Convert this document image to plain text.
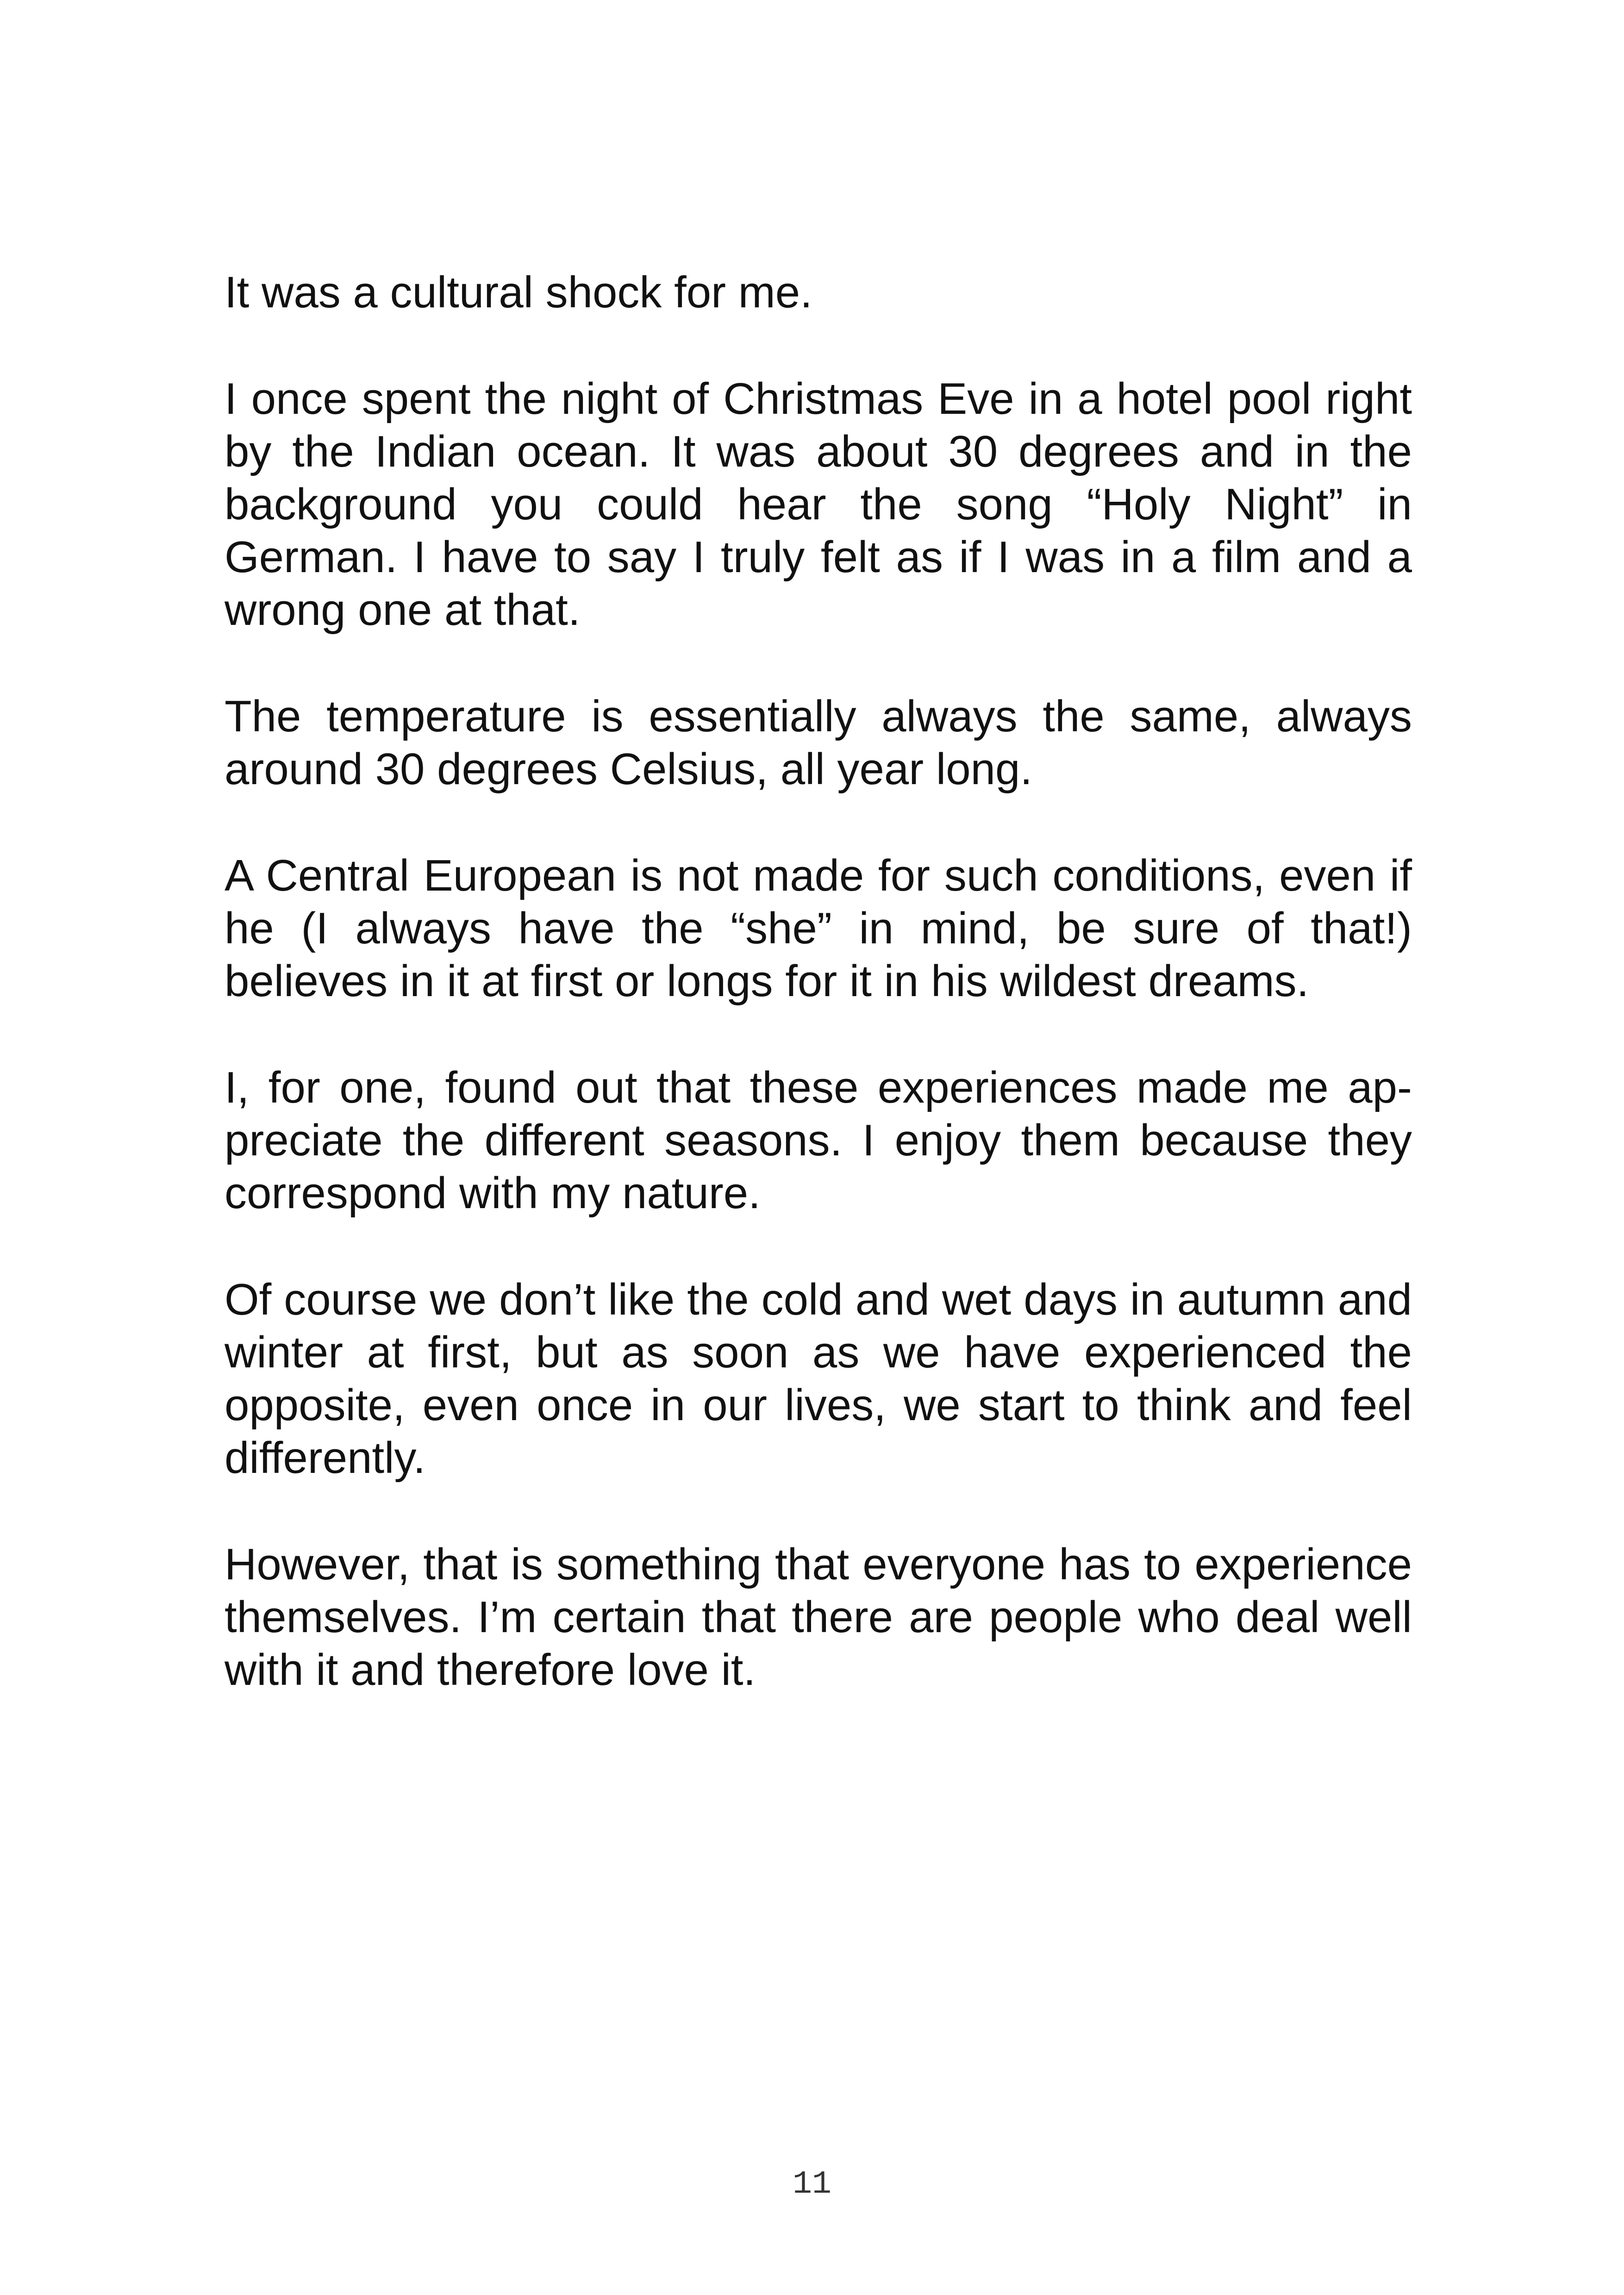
It was a cultural shock for me.

I once spent the night of Christmas Eve in a hotel pool right by the Indian ocean. It was about 30 degrees and in the background you could hear the song “Holy Night” in German. I have to say I truly felt as if I was in a film and a wrong one at that.

The temperature is essentially always the same, always around 30 degrees Celsius, all year long.

A Central European is not made for such conditions, even if he (I always have the “she” in mind, be sure of that!) believes in it at first or longs for it in his wildest dreams.

I, for one, found out that these experiences made me appreciate the different seasons. I enjoy them because they correspond with my nature.

Of course we don’t like the cold and wet days in autumn and winter at first, but as soon as we have experienced the opposite, even once in our lives, we start to think and feel differently.

However, that is something that everyone has to experience themselves. I’m certain that there are people who deal well with it and therefore love it.

11
